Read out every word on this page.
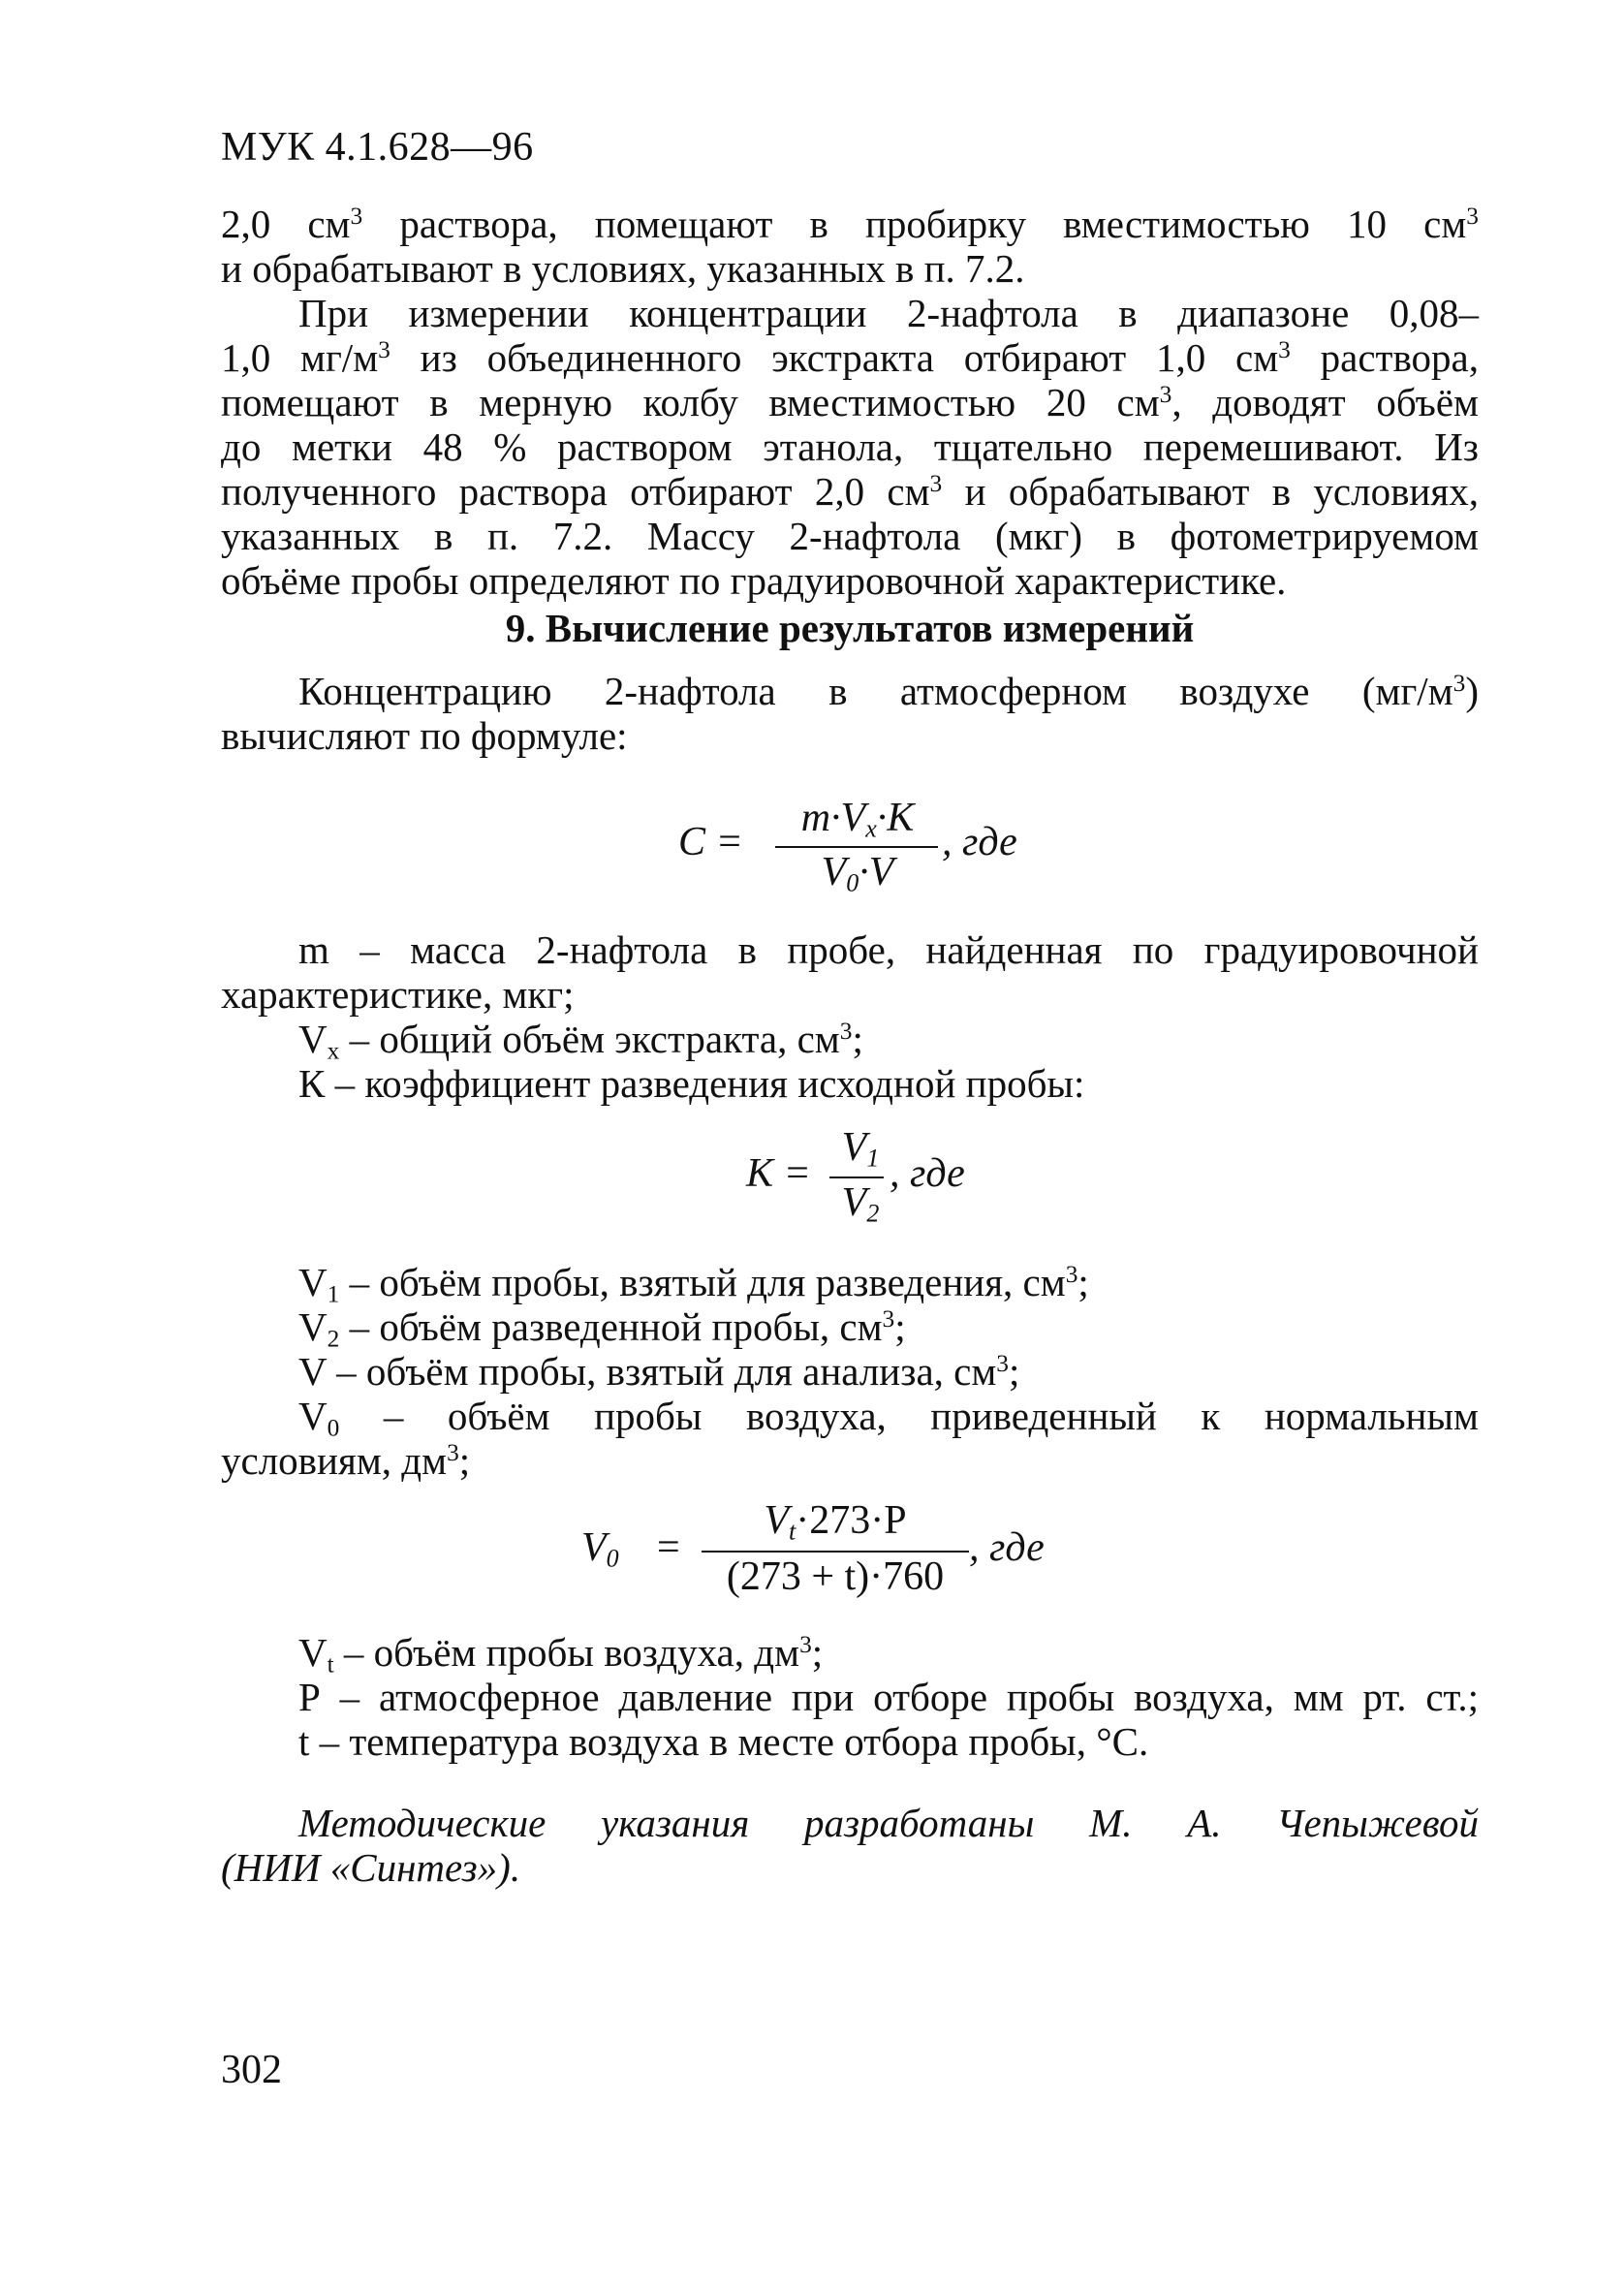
МУК 4.1.628—96
2,0 $см^3$ раствора, помещают в пробирку вместимостью 10 $см^3$
и обрабатывают в условиях, указанных в п. 7.2.
При измерении концентрации 2-нафтола в диапазоне 0,08–
1,0 $мг/м^3$ из объединенного экстракта отбирают 1,0 $см^3$ раствора,
помещают в мерную колбу вместимостью 20 $см^3$, доводят объём
до метки 48 % раствором этанола, тщательно перемешивают. Из
полученного раствора отбирают 2,0 $см^3$ и обрабатывают в условиях,
указанных в п. 7.2. Массу 2-нафтола (мкг) в фотометрируемом
объёме пробы определяют по градуировочной характеристике.
9. Вычисление результатов измерений
Концентрацию 2-нафтола в атмосферном воздухе $(мг/м^3)$
вычисляют по формуле:
C =
$m\cdot V_x\cdot K$
$V_0\cdot V$
, где
m – масса 2-нафтола в пробе, найденная по градуировочной
характеристике, мкг;
$V_x$ – общий объём экстракта, $см^3$;
К – коэффициент разведения исходной пробы:
K =
$V_1$
$V_2$
, где
$V_1$ – объём пробы, взятый для разведения, $см^3$;
$V_2$ – объём разведенной пробы, $см^3$;
V – объём пробы, взятый для анализа, $см^3$;
$V_0$ – объём пробы воздуха, приведенный к нормальным
условиям, $дм^3$;
$V_0$ =
$V_t\cdot 273\cdot P$
(273 + t)·760
, где
$V_t$ – объём пробы воздуха, $дм^3$;
Р – атмосферное давление при отборе пробы воздуха, мм рт. ст.;
t – температура воздуха в месте отбора пробы, °С.
Методические указания разработаны М. А. Чепыжевой
(НИИ «Синтез»).
302
